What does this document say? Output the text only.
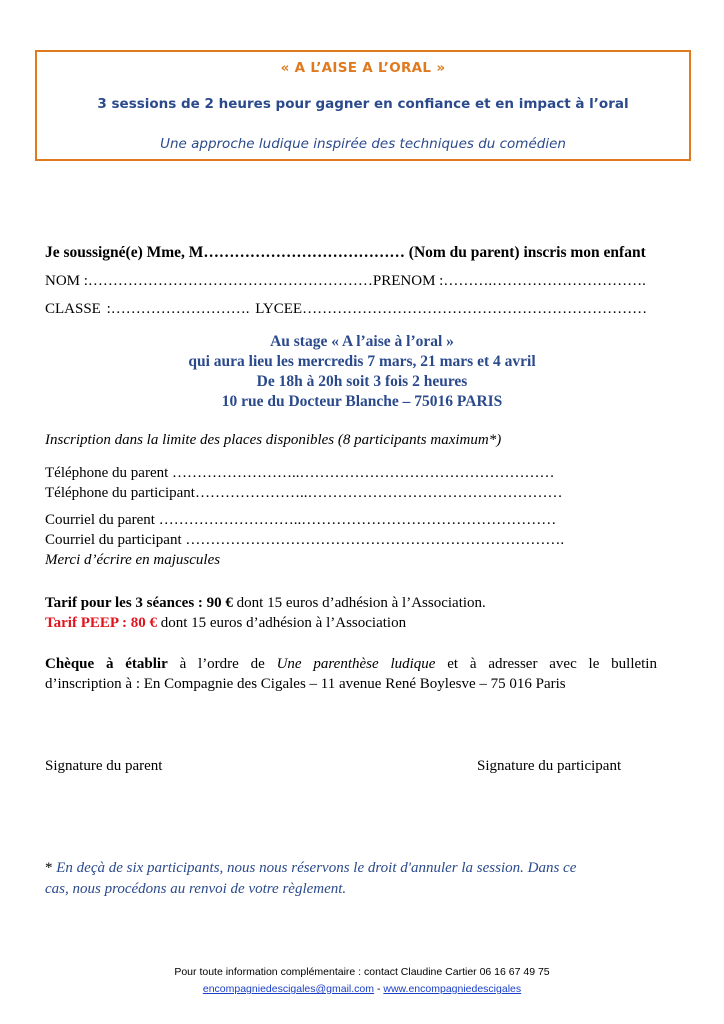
« A L’AISE A L’ORAL »
3 sessions de 2 heures pour gagner en confiance et en impact à l’oral
Une approche ludique inspirée des techniques du comédien
Je soussigné(e) Mme, M………………………………… (Nom du parent) inscris mon enfant
NOM :…………………………………………………PRENOM :……….………………………….
CLASSE :………………………. LYCEE……………………………………………………………
Au stage « A l’aise à l’oral »
qui aura lieu les mercredis 7 mars, 21 mars et 4 avril
De 18h à 20h soit 3 fois 2 heures
10 rue du Docteur Blanche – 75016 PARIS
Inscription dans la limite des places disponibles (8 participants maximum*)
Téléphone du parent ……………………..……………………………………………
Téléphone du participant…………………..……………………………………………
Courriel du parent ………………………..……………………………………………
Courriel du participant ………………………………………………………………….
Merci d’écrire en majuscules
Tarif pour les 3 séances : 90 € dont 15 euros d’adhésion à l’Association.
Tarif PEEP : 80 € dont 15 euros d’adhésion à l’Association
Chèque à établir à l’ordre de Une parenthèse ludique et à adresser avec le bulletin
d’inscription à : En Compagnie des Cigales – 11 avenue René Boylesve – 75 016 Paris
Signature du parent	Signature du participant
* En deçà de six participants, nous nous réservons le droit d'annuler la session. Dans ce
cas, nous procédons au renvoi de votre règlement.
Pour toute information complémentaire : contact Claudine Cartier 06 16 67 49 75
encompagniedescigales@gmail.com - www.encompagniedescigales
